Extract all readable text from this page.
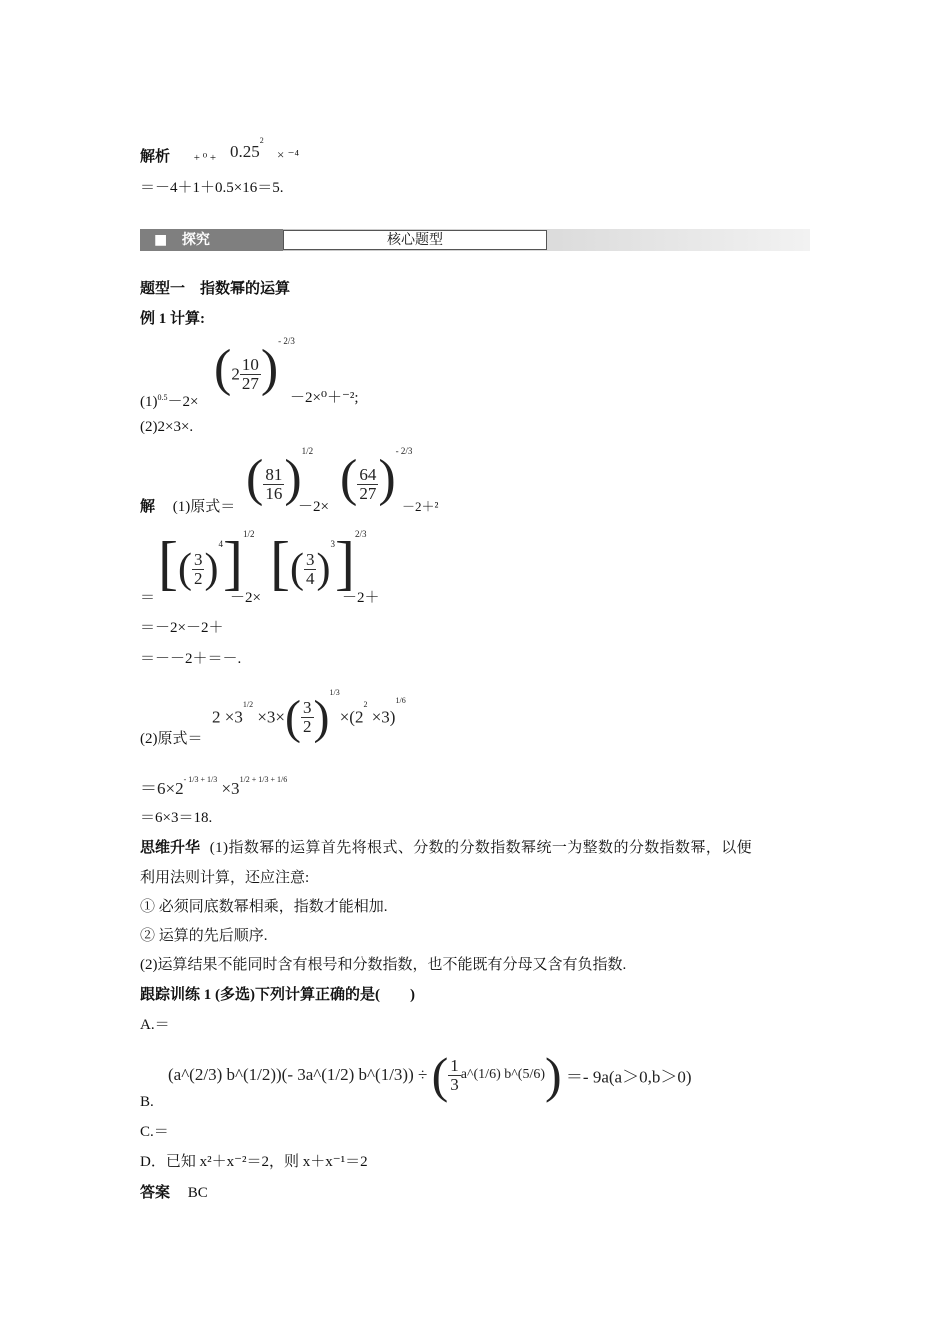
解析 + ⁰ + 0.252
× ⁻⁴
＝－4＋1＋0.5×16＝5.
■   探究	核心题型
题型一　指数幂的运算
例 1 计算:
$(2 \frac{10}{27} )^{- 2/3}$
$(1)^{0.5}-2\times$	－2×⁰＋⁻²;
(2)2×3×.
( $\frac{81}{16} )^{1/2}$ ( $\frac{64}{27} )^{- 2/3}$
解 (1)原式＝	－2×	－2＋²
[( $\frac{3}{2} )^4]^{1/2}$ [( $\frac{3}{4} )^3]^{2/3}$
＝	－2×	－2＋
＝－2×－2＋
＝－－2＋＝－.
$2 \times 3^{1/2} \times 3\times( \frac{3}{2} )^{1/3}\times(2^2 \times 3)^{1/6}$
(2)原式＝
$=6\times 2^{- 1/3 + 1/3} \times 3^{1/2 + 1/3 + 1/6}$
＝6×3＝18.
思维升华 (1)指数幂的运算首先将根式、分数的分数指数幂统一为整数的分数指数幂，以便
利用法则计算，还应注意:
① 必须同底数幂相乘，指数才能相加.
② 运算的先后顺序.
(2)运算结果不能同时含有根号和分数指数，也不能既有分母又含有负指数.
跟踪训练 1 (多选)下列计算正确的是(　　)
A.＝
(a^(2/3) b^(1/2))(- 3a^(1/2) b^(1/3)) ÷ ( $\frac{1}{3}$ a^(1/6) b^(5/6)) ＝- 9a(a＞0,b＞0)
B.
C.＝
D．已知 x²＋x⁻²＝2，则 x＋x⁻¹＝2
答案 BC
